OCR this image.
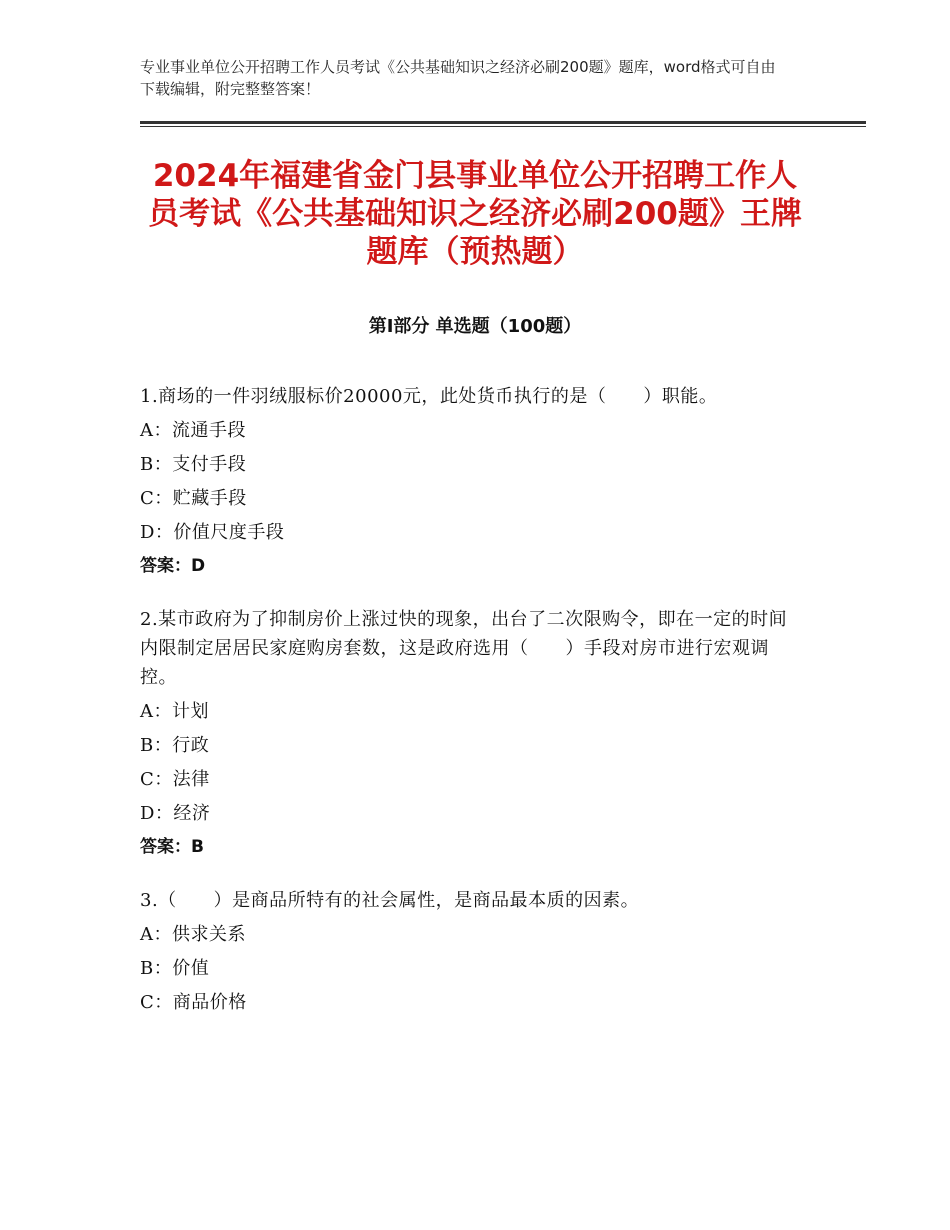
专业事业单位公开招聘工作人员考试《公共基础知识之经济必刷200题》题库，word格式可自由下载编辑，附完整整答案！
2024年福建省金门县事业单位公开招聘工作人员考试《公共基础知识之经济必刷200题》王牌题库（预热题）
第I部分 单选题（100题）
1.商场的一件羽绒服标价20000元，此处货币执行的是（　　）职能。
A：流通手段
B：支付手段
C：贮藏手段
D：价值尺度手段
答案：D
2.某市政府为了抑制房价上涨过快的现象，出台了二次限购令，即在一定的时间内限制定居居民家庭购房套数，这是政府选用（　　）手段对房市进行宏观调控。
A：计划
B：行政
C：法律
D：经济
答案：B
3.（　　）是商品所特有的社会属性，是商品最本质的因素。
A：供求关系
B：价值
C：商品价格
